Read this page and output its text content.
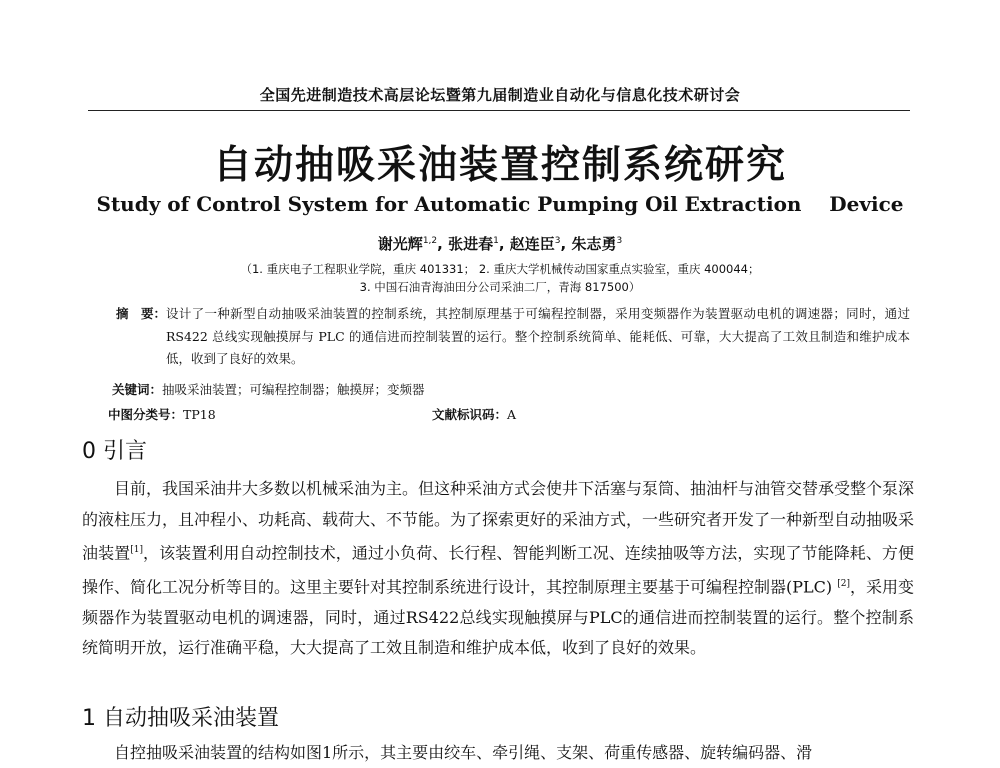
全国先进制造技术高层论坛暨第九届制造业自动化与信息化技术研讨会
自动抽吸采油装置控制系统研究
Study of Control System for Automatic Pumping Oil Extraction    Device
谢光辉$^{1,2}$, 张进春$^1$, 赵连臣$^3$, 朱志勇$^3$
（1. 重庆电子工程职业学院，重庆 401331； 2. 重庆大学机械传动国家重点实验室，重庆 400044；
3. 中国石油青海油田分公司采油二厂，青海 817500）
摘　要： 设计了一种新型自动抽吸采油装置的控制系统，其控制原理基于可编程控制器，采用变频器作为装置驱动电机的调速器；同时，通过 RS422 总线实现触摸屏与 PLC 的通信进而控制装置的运行。整个控制系统简单、能耗低、可靠，大大提高了工效且制造和维护成本低，收到了良好的效果。
关键词：抽吸采油装置；可编程控制器；触摸屏；变频器
中图分类号：TP18	文献标识码：A
0 引言

目前，我国采油井大多数以机械采油为主。但这种采油方式会使井下活塞与泵筒、抽油杆与油管交替承受整个泵深的液柱压力，且冲程小、功耗高、载荷大、不节能。为了探索更好的采油方式，一些研究者开发了一种新型自动抽吸采油装置[1]，该装置利用自动控制技术，通过小负荷、长行程、智能判断工况、连续抽吸等方法，实现了节能降耗、方便操作、简化工况分析等目的。这里主要针对其控制系统进行设计，其控制原理主要基于可编程控制器(PLC) [2]，采用变频器作为装置驱动电机的调速器，同时，通过RS422总线实现触摸屏与PLC的通信进而控制装置的运行。整个控制系统简明开放，运行准确平稳，大大提高了工效且制造和维护成本低，收到了良好的效果。

1 自动抽吸采油装置
自控抽吸采油装置的结构如图1所示，其主要由绞车、牵引绳、支架、荷重传感器、旋转编码器、滑
